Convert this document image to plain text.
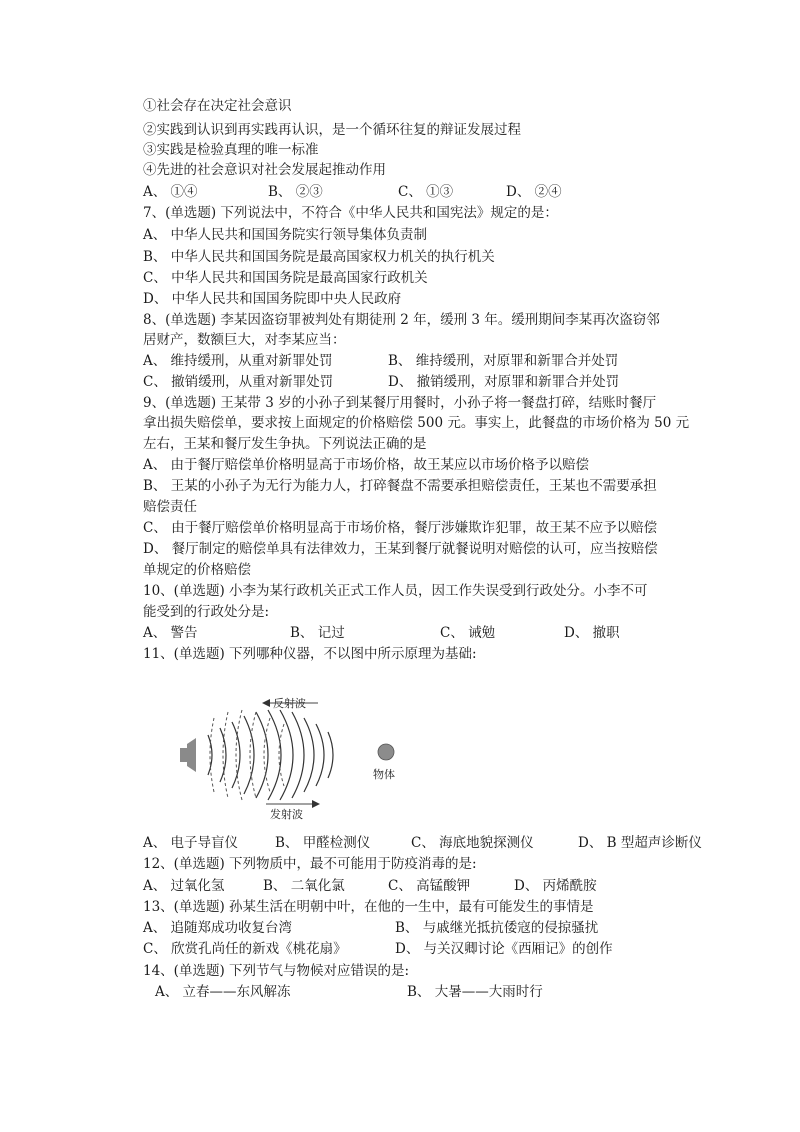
①社会存在决定社会意识
②实践到认识到再实践再认识，是一个循环往复的辩证发展过程
③实践是检验真理的唯一标准
④先进的社会意识对社会发展起推动作用
A、 ①④	B、 ②③	C、 ①③	D、 ②④
7、(单选题) 下列说法中，不符合《中华人民共和国宪法》规定的是：
A、 中华人民共和国国务院实行领导集体负责制
B、 中华人民共和国国务院是最高国家权力机关的执行机关
C、 中华人民共和国国务院是最高国家行政机关
D、 中华人民共和国国务院即中央人民政府
8、(单选题) 李某因盗窃罪被判处有期徒刑 2 年，缓刑 3 年。缓刑期间李某再次盗窃邻
居财产，数额巨大，对李某应当：
A、 维持缓刑，从重对新罪处罚	B、 维持缓刑，对原罪和新罪合并处罚
C、 撤销缓刑，从重对新罪处罚	D、 撤销缓刑，对原罪和新罪合并处罚
9、(单选题) 王某带 3 岁的小孙子到某餐厅用餐时，小孙子将一餐盘打碎，结账时餐厅
拿出损失赔偿单，要求按上面规定的价格赔偿 500 元。事实上，此餐盘的市场价格为 50 元
左右，王某和餐厅发生争执。下列说法正确的是
A、 由于餐厅赔偿单价格明显高于市场价格，故王某应以市场价格予以赔偿
B、 王某的小孙子为无行为能力人，打碎餐盘不需要承担赔偿责任，王某也不需要承担
赔偿责任
C、 由于餐厅赔偿单价格明显高于市场价格，餐厅涉嫌欺诈犯罪，故王某不应予以赔偿
D、 餐厅制定的赔偿单具有法律效力，王某到餐厅就餐说明对赔偿的认可，应当按赔偿
单规定的价格赔偿
10、(单选题) 小李为某行政机关正式工作人员，因工作失误受到行政处分。小李不可
能受到的行政处分是:
A、 警告	B、 记过	C、 诫勉	D、 撤职
11、(单选题) 下列哪种仪器，不以图中所示原理为基础:
反射波
物体
发射波
A、 电子导盲仪	B、 甲醛检测仪	C、 海底地貌探测仪	D、 B 型超声诊断仪
12、(单选题) 下列物质中，最不可能用于防疫消毒的是:
A、 过氧化氢	B、 二氧化氯	C、 高锰酸钾	D、 丙烯酰胺
13、(单选题) 孙某生活在明朝中叶，在他的一生中，最有可能发生的事情是
A、 追随郑成功收复台湾	B、 与戚继光抵抗倭寇的侵掠骚扰
C、 欣赏孔尚任的新戏《桃花扇》	D、 与关汉卿讨论《西厢记》的创作
14、(单选题) 下列节气与物候对应错误的是:
A、 立春——东风解冻	B、 大暑——大雨时行
